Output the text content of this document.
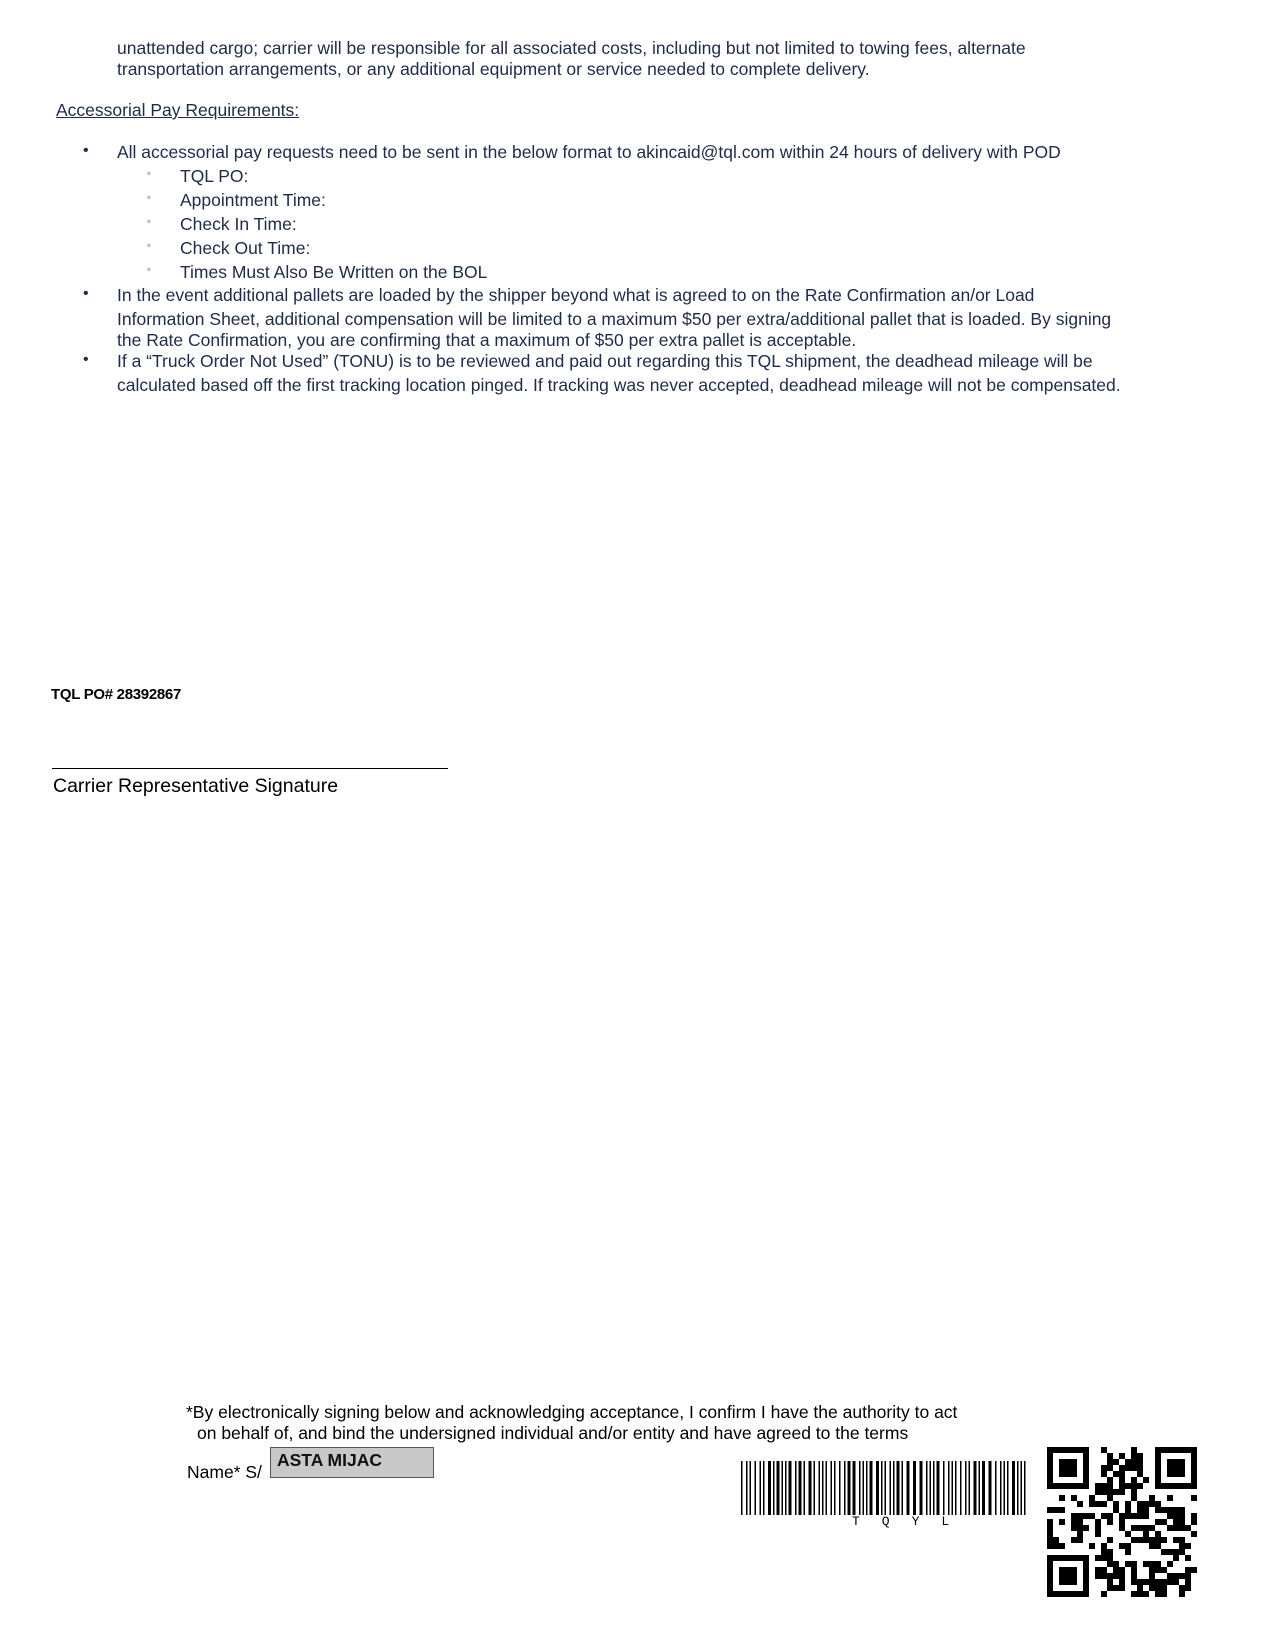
unattended cargo; carrier will be responsible for all associated costs, including but not limited to towing fees, alternate
transportation arrangements, or any additional equipment or service needed to complete delivery.
Accessorial Pay Requirements:
• All accessorial pay requests need to be sent in the below format to akincaid@tql.com within 24 hours of delivery with POD
◦ TQL PO:
◦ Appointment Time:
◦ Check In Time:
◦ Check Out Time:
◦ Times Must Also Be Written on the BOL
• In the event additional pallets are loaded by the shipper beyond what is agreed to on the Rate Confirmation an/or Load
Information Sheet, additional compensation will be limited to a maximum $50 per extra/additional pallet that is loaded. By signing
the Rate Confirmation, you are confirming that a maximum of $50 per extra pallet is acceptable.
• If a “Truck Order Not Used” (TONU) is to be reviewed and paid out regarding this TQL shipment, the deadhead mileage will be
calculated based off the first tracking location pinged. If tracking was never accepted, deadhead mileage will not be compensated.
TQL PO# 28392867
Carrier Representative Signature
*By electronically signing below and acknowledging acceptance, I confirm I have the authority to act
on behalf of, and bind the undersigned individual and/or entity and have agreed to the terms
Name* S/
ASTA MIJAC
TQYL
